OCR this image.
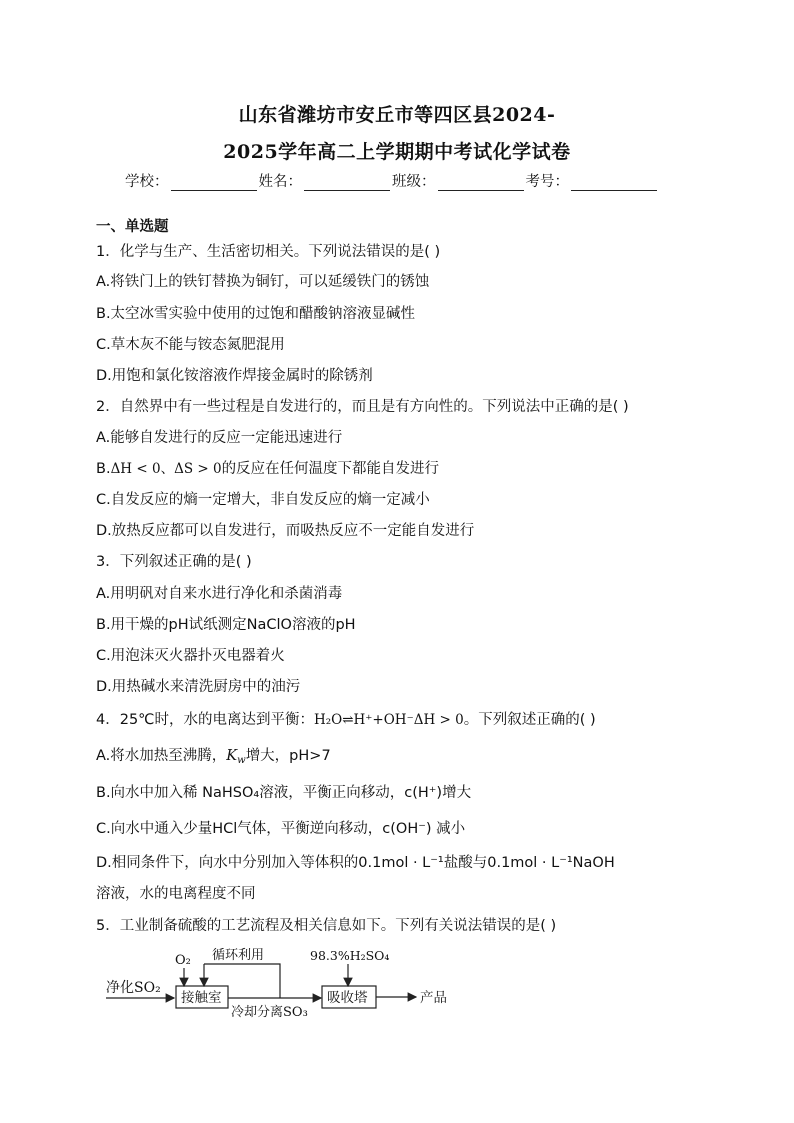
山东省潍坊市安丘市等四区县2024-
2025学年高二上学期期中考试化学试卷
学校：	姓名：	班级：	考号：
一、单选题
1．化学与生产、生活密切相关。下列说法错误的是( )
A.将铁门上的铁钉替换为铜钉，可以延缓铁门的锈蚀
B.太空冰雪实验中使用的过饱和醋酸钠溶液显碱性
C.草木灰不能与铵态氮肥混用
D.用饱和氯化铵溶液作焊接金属时的除锈剂
2．自然界中有一些过程是自发进行的，而且是有方向性的。下列说法中正确的是( )
A.能够自发进行的反应一定能迅速进行
B.ΔH < 0、ΔS > 0的反应在任何温度下都能自发进行
C.自发反应的熵一定增大，非自发反应的熵一定减小
D.放热反应都可以自发进行，而吸热反应不一定能自发进行
3．下列叙述正确的是( )
A.用明矾对自来水进行净化和杀菌消毒
B.用干燥的pH试纸测定NaClO溶液的pH
C.用泡沫灭火器扑灭电器着火
D.用热碱水来清洗厨房中的油污
4．25℃时，水的电离达到平衡：H₂O⇌H⁺+OH⁻ΔH > 0。下列叙述正确的( )
A.将水加热至沸腾，$K_w$增大，pH>7
B.向水中加入稀 NaHSO₄溶液，平衡正向移动，c(H⁺)增大
C.向水中通入少量HCl气体，平衡逆向移动，c(OH⁻) 减小
D.相同条件下，向水中分别加入等体积的0.1mol · L⁻¹盐酸与0.1mol · L⁻¹NaOH
溶液，水的电离程度不同
5．工业制备硫酸的工艺流程及相关信息如下。下列有关说法错误的是( )
净化SO₂
O₂
接触室
循环利用
冷却分离SO₃
98.3%H₂SO₄
吸收塔	产品
